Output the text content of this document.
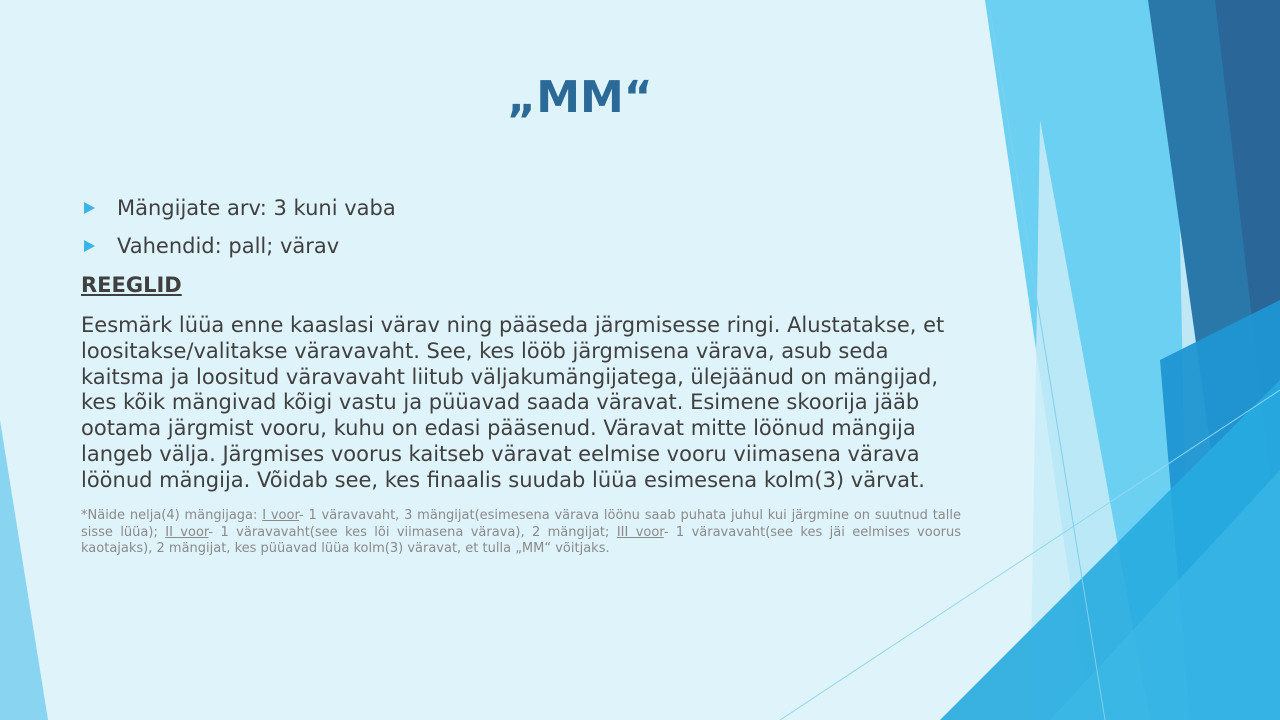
„MM“
Mängijate arv: 3 kuni vaba
Vahendid: pall; värav
REEGLID

Eesmärk lüüa enne kaaslasi värav ning pääseda järgmisesse ringi. Alustatakse, et loositakse/valitakse väravavaht. See, kes lööb järgmisena värava, asub seda kaitsma ja loositud väravavaht liitub väljakumängijatega, ülejäänud on mängijad, kes kõik mängivad kõigi vastu ja püüavad saada väravat. Esimene skoorija jääb ootama järgmist vooru, kuhu on edasi pääsenud. Väravat mitte löönud mängija langeb välja. Järgmises voorus kaitseb väravat eelmise vooru viimasena värava löönud mängija. Võidab see, kes finaalis suudab lüüa esimesena kolm(3) värvat.

*Näide nelja(4) mängijaga: I voor- 1 väravavaht, 3 mängijat(esimesena värava löönu saab puhata juhul kui järgmine on suutnud talle sisse lüüa); II voor- 1 väravavaht(see kes lõi viimasena värava), 2 mängijat; III voor- 1 väravavaht(see kes jäi eelmises voorus kaotajaks), 2 mängijat, kes püüavad lüüa kolm(3) väravat, et tulla „MM“ võitjaks.
